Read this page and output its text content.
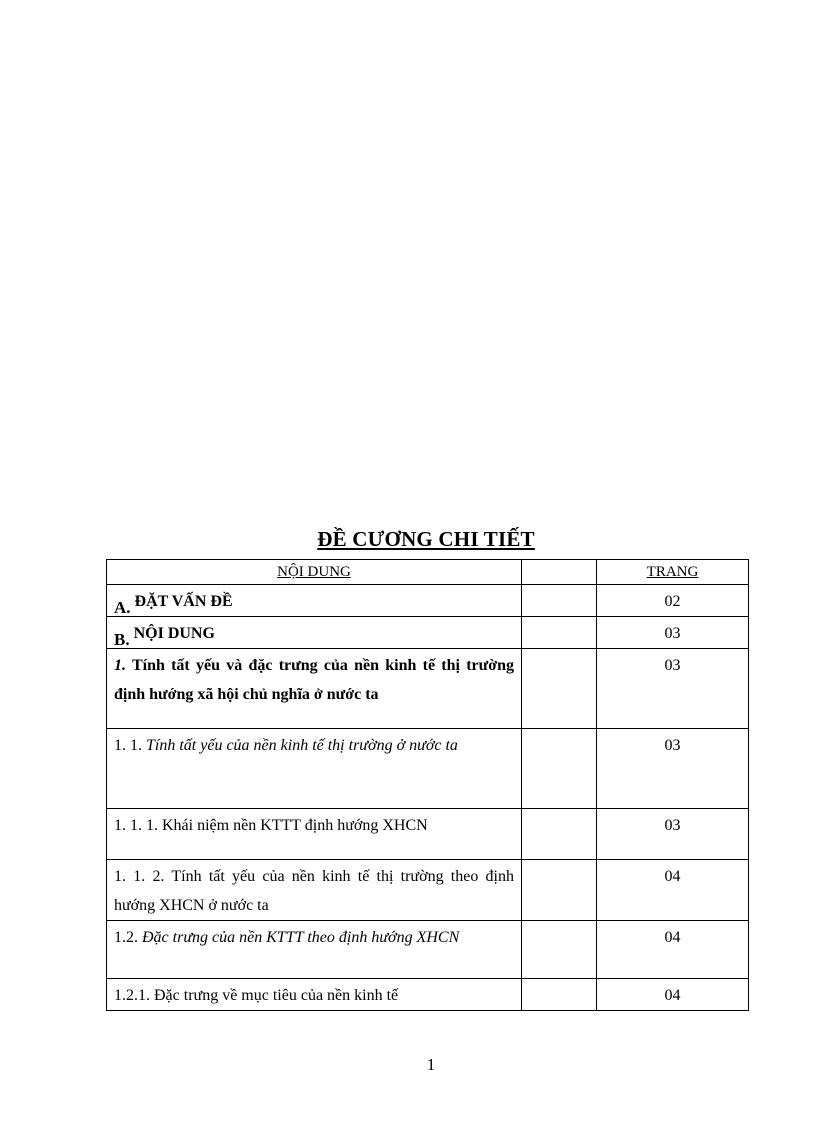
ĐỀ CƯƠNG CHI TIẾT
NỘI DUNG		TRANG
A. ĐẶT VẤN ĐỀ		02
B. NỘI DUNG		03
1. Tính tất yếu và đặc trưng của nền kinh tế thị trường định hướng xã hội chủ nghĩa ở nước ta		03
1. 1. Tính tất yếu của nền kinh tế thị trường ở nước ta		03
1. 1. 1. Khái niệm nền KTTT định hướng XHCN		03
1. 1. 2. Tính tất yếu của nền kinh tế thị trường theo định hướng XHCN ở nước ta		04
1.2. Đặc trưng của nền KTTT theo định hướng XHCN		04
1.2.1. Đặc trưng về mục tiêu của nền kinh tế		04
1
